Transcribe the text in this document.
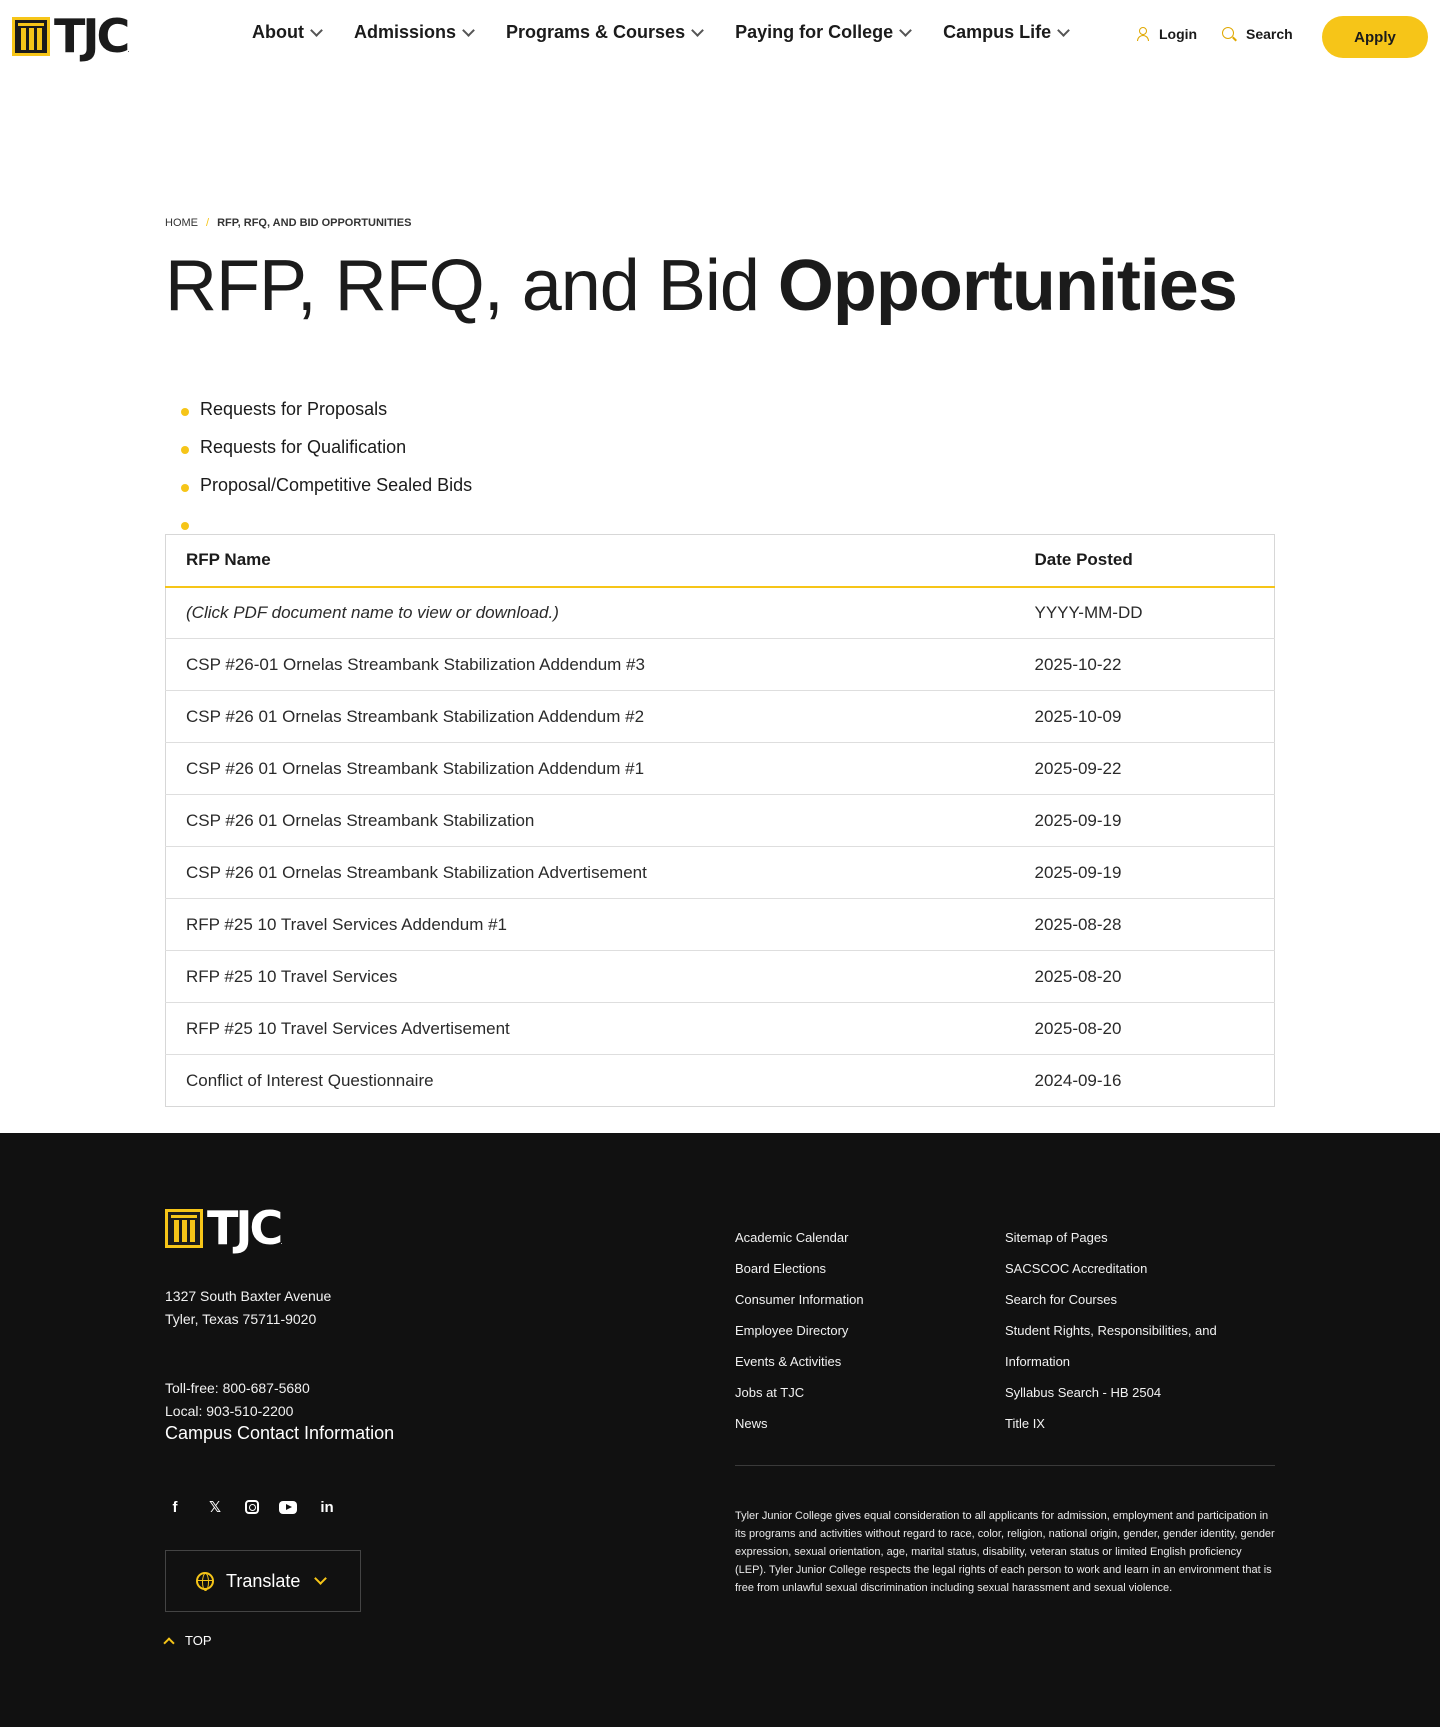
TJC .
About	Admissions	Programs & Courses	Paying for College	Campus Life	Login	Search	Apply
HOME / RFP, RFQ, AND BID OPPORTUNITIES
RFP, RFQ, and Bid Opportunities
Requests for Proposals
Requests for Qualification
Proposal/Competitive Sealed Bids
RFP Name	Date Posted
(Click PDF document name to view or download.)	YYYY-MM-DD
CSP #26-01 Ornelas Streambank Stabilization Addendum #3	2025-10-22
CSP #26 01 Ornelas Streambank Stabilization Addendum #2	2025-10-09
CSP #26 01 Ornelas Streambank Stabilization Addendum #1	2025-09-22
CSP #26 01 Ornelas Streambank Stabilization	2025-09-19
CSP #26 01 Ornelas Streambank Stabilization Advertisement	2025-09-19
RFP #25 10 Travel Services Addendum #1	2025-08-28
RFP #25 10 Travel Services	2025-08-20
RFP #25 10 Travel Services Advertisement	2025-08-20
Conflict of Interest Questionnaire	2024-09-16
TJC .
1327 South Baxter Avenue
Tyler, Texas 75711-9020
Toll-free: 800-687-5680
Local: 903-510-2200
Campus Contact Information
f	𝕏	in
Translate
TOP
Academic Calendar
Board Elections
Consumer Information
Employee Directory
Events & Activities
Jobs at TJC
News
Sitemap of Pages
SACSCOC Accreditation
Search for Courses
Student Rights, Responsibilities, and Information
Syllabus Search - HB 2504
Title IX

Tyler Junior College gives equal consideration to all applicants for admission, employment and participation in its programs and activities without regard to race, color, religion, national origin, gender, gender identity, gender expression, sexual orientation, age, marital status, disability, veteran status or limited English proficiency (LEP). Tyler Junior College respects the legal rights of each person to work and learn in an environment that is free from unlawful sexual discrimination including sexual harassment and sexual violence.
